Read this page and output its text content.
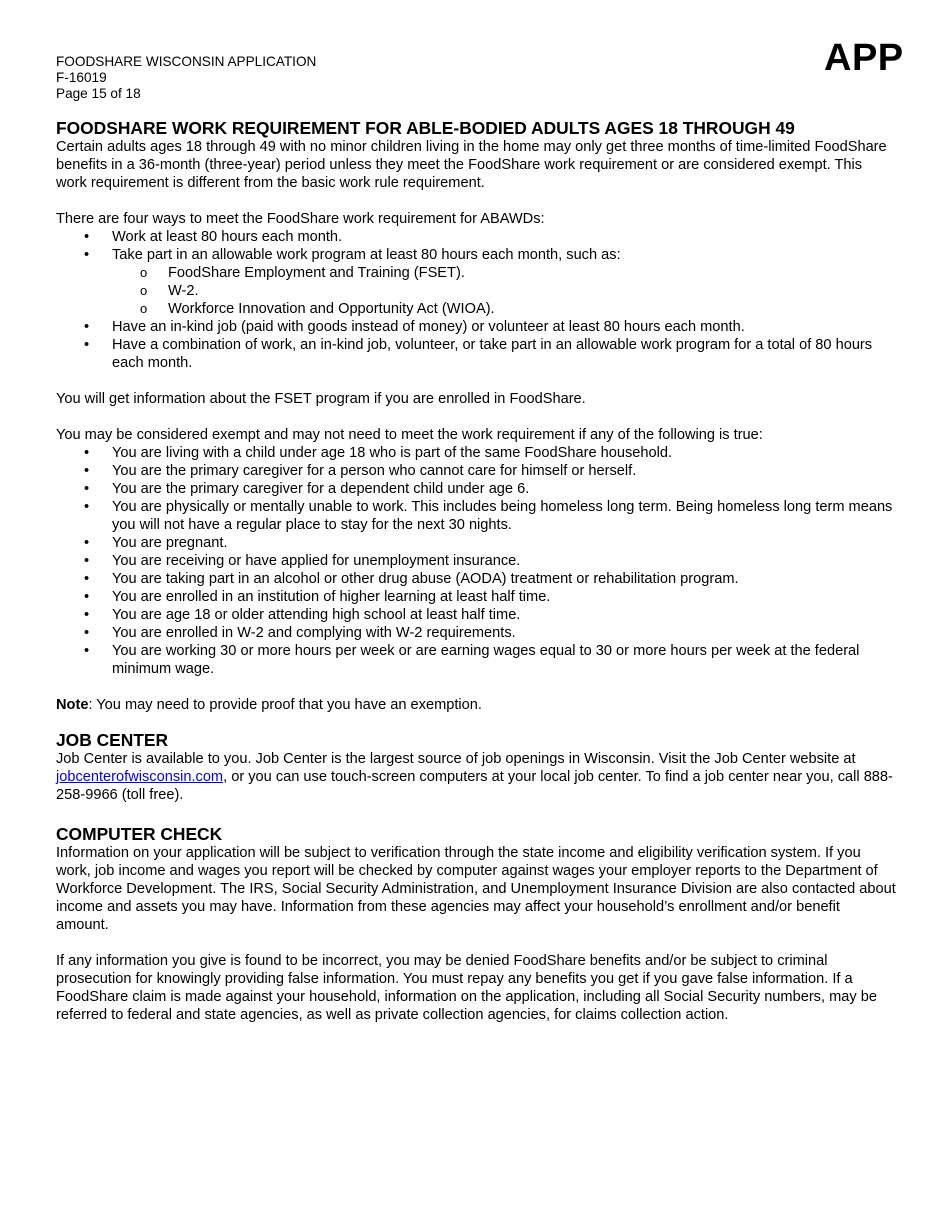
APP
FOODSHARE WISCONSIN APPLICATION
F-16019
Page 15 of 18
FOODSHARE WORK REQUIREMENT FOR ABLE-BODIED ADULTS AGES 18 THROUGH 49

Certain adults ages 18 through 49 with no minor children living in the home may only get three months of time-limited FoodShare benefits in a 36-month (three-year) period unless they meet the FoodShare work requirement or are considered exempt. This work requirement is different from the basic work rule requirement.

There are four ways to meet the FoodShare work requirement for ABAWDs:

• Work at least 80 hours each month.
• Take part in an allowable work program at least 80 hours each month, such as:
o FoodShare Employment and Training (FSET).
o W-2.
o Workforce Innovation and Opportunity Act (WIOA).
• Have an in-kind job (paid with goods instead of money) or volunteer at least 80 hours each month.
• Have a combination of work, an in-kind job, volunteer, or take part in an allowable work program for a total of 80 hours each month.

You will get information about the FSET program if you are enrolled in FoodShare.

You may be considered exempt and may not need to meet the work requirement if any of the following is true:

• You are living with a child under age 18 who is part of the same FoodShare household.
• You are the primary caregiver for a person who cannot care for himself or herself.
• You are the primary caregiver for a dependent child under age 6.
• You are physically or mentally unable to work. This includes being homeless long term. Being homeless long term means you will not have a regular place to stay for the next 30 nights.
• You are pregnant.
• You are receiving or have applied for unemployment insurance.
• You are taking part in an alcohol or other drug abuse (AODA) treatment or rehabilitation program.
• You are enrolled in an institution of higher learning at least half time.
• You are age 18 or older attending high school at least half time.
• You are enrolled in W-2 and complying with W-2 requirements.
• You are working 30 or more hours per week or are earning wages equal to 30 or more hours per week at the federal minimum wage.

Note: You may need to provide proof that you have an exemption.

JOB CENTER

Job Center is available to you. Job Center is the largest source of job openings in Wisconsin. Visit the Job Center website at jobcenterofwisconsin.com, or you can use touch-screen computers at your local job center. To find a job center near you, call 888-258-9966 (toll free).

COMPUTER CHECK

Information on your application will be subject to verification through the state income and eligibility verification system. If you work, job income and wages you report will be checked by computer against wages your employer reports to the Department of Workforce Development. The IRS, Social Security Administration, and Unemployment Insurance Division are also contacted about income and assets you may have. Information from these agencies may affect your household’s enrollment and/or benefit amount.

If any information you give is found to be incorrect, you may be denied FoodShare benefits and/or be subject to criminal prosecution for knowingly providing false information. You must repay any benefits you get if you gave false information. If a FoodShare claim is made against your household, information on the application, including all Social Security numbers, may be referred to federal and state agencies, as well as private collection agencies, for claims collection action.
